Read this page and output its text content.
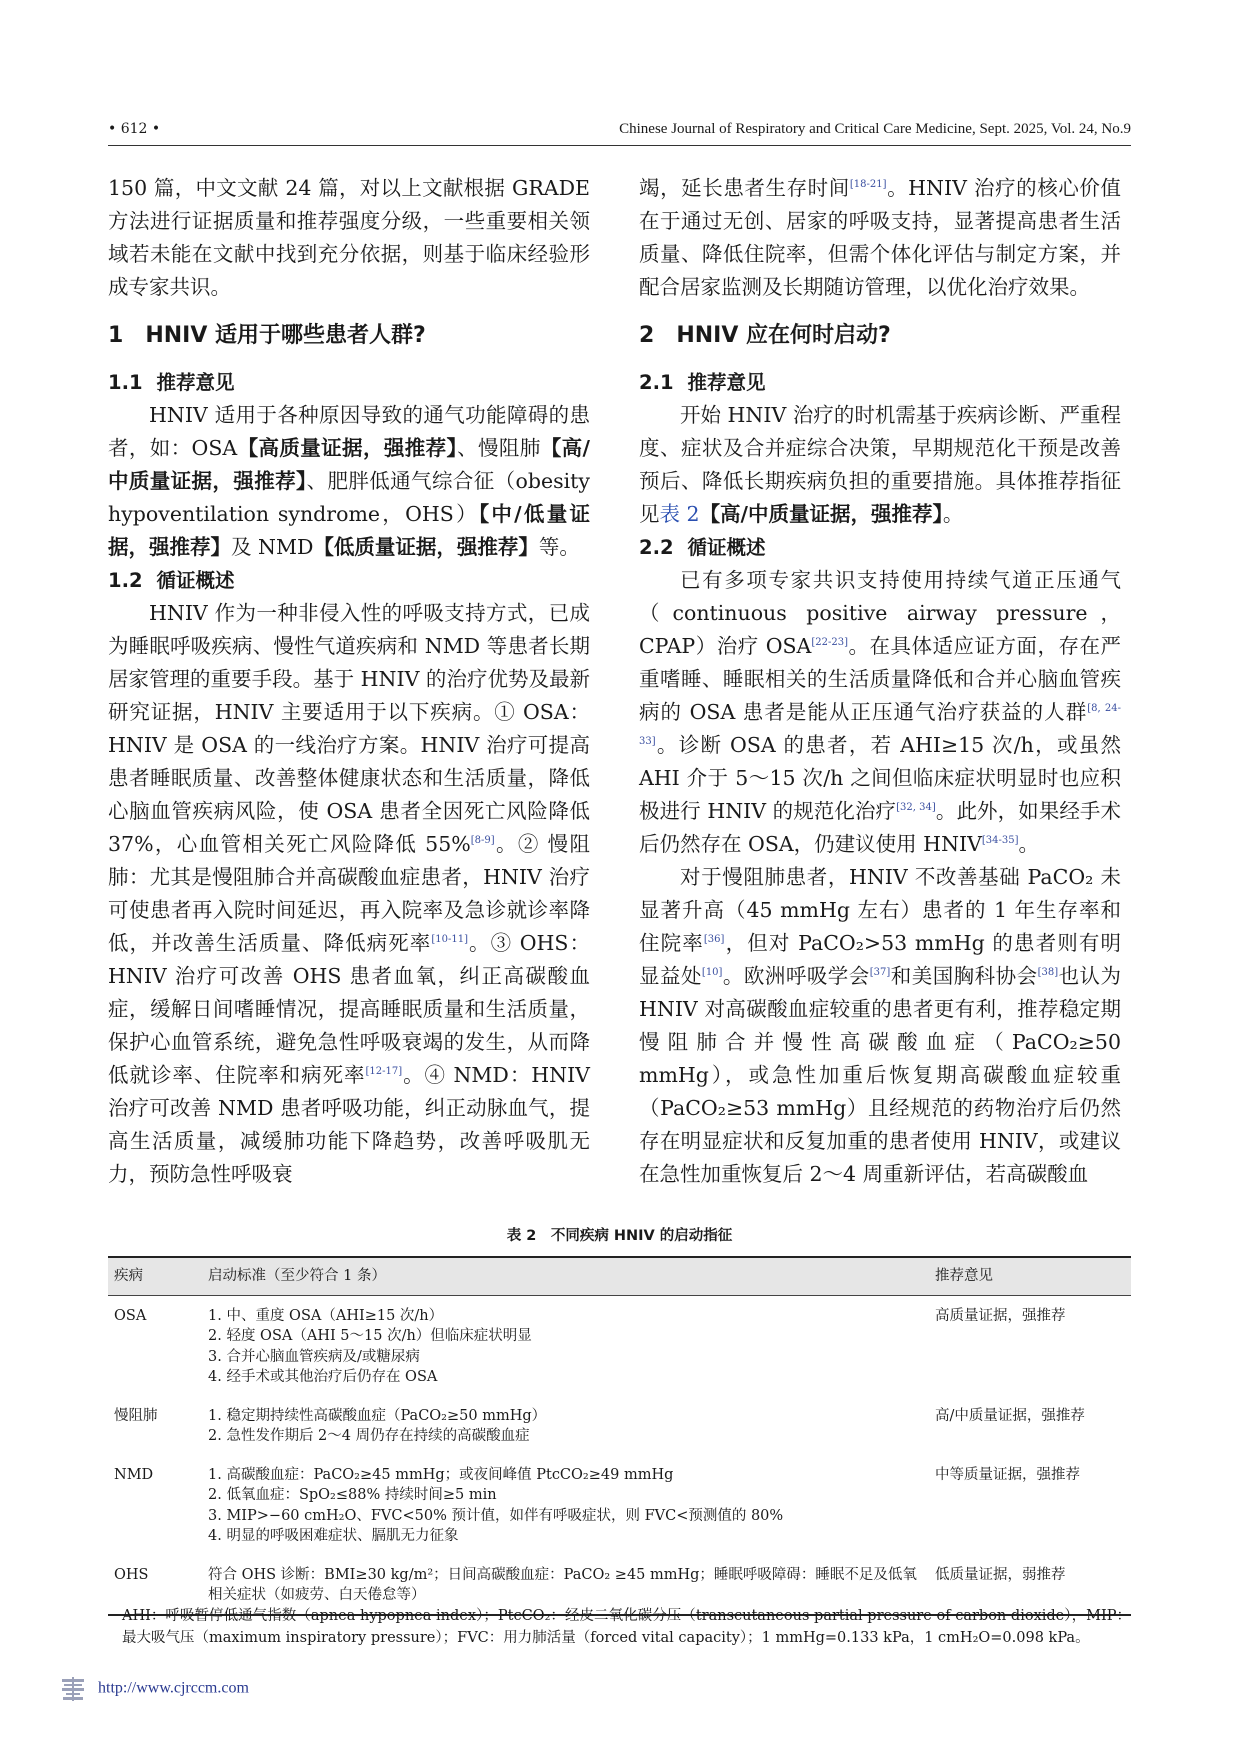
• 612 •	Chinese Journal of Respiratory and Critical Care Medicine, Sept. 2025, Vol. 24, No.9

150 篇，中文文献 24 篇，对以上文献根据 GRADE 方法进行证据质量和推荐强度分级，一些重要相关领域若未能在文献中找到充分依据，则基于临床经验形成专家共识。

1 HNIV 适用于哪些患者人群?
1.1 推荐意见

HNIV 适用于各种原因导致的通气功能障碍的患者，如：OSA【高质量证据，强推荐】、慢阻肺【高/中质量证据，强推荐】、肥胖低通气综合征（obesity hypoventilation syndrome，OHS）【中/低量证据，强推荐】及 NMD【低质量证据，强推荐】等。

1.2 循证概述

HNIV 作为一种非侵入性的呼吸支持方式，已成为睡眠呼吸疾病、慢性气道疾病和 NMD 等患者长期居家管理的重要手段。基于 HNIV 的治疗优势及最新研究证据，HNIV 主要适用于以下疾病。① OSA：HNIV 是 OSA 的一线治疗方案。HNIV 治疗可提高患者睡眠质量、改善整体健康状态和生活质量，降低心脑血管疾病风险，使 OSA 患者全因死亡风险降低 37%，心血管相关死亡风险降低 55%[8-9]。② 慢阻肺：尤其是慢阻肺合并高碳酸血症患者，HNIV 治疗可使患者再入院时间延迟，再入院率及急诊就诊率降低，并改善生活质量、降低病死率[10-11]。③ OHS：HNIV 治疗可改善 OHS 患者血氧，纠正高碳酸血症，缓解日间嗜睡情况，提高睡眠质量和生活质量，保护心血管系统，避免急性呼吸衰竭的发生，从而降低就诊率、住院率和病死率[12-17]。④ NMD：HNIV 治疗可改善 NMD 患者呼吸功能，纠正动脉血气，提高生活质量，减缓肺功能下降趋势，改善呼吸肌无力，预防急性呼吸衰

竭，延长患者生存时间[18-21]。HNIV 治疗的核心价值在于通过无创、居家的呼吸支持，显著提高患者生活质量、降低住院率，但需个体化评估与制定方案，并配合居家监测及长期随访管理，以优化治疗效果。

2 HNIV 应在何时启动?
2.1 推荐意见

开始 HNIV 治疗的时机需基于疾病诊断、严重程度、症状及合并症综合决策，早期规范化干预是改善预后、降低长期疾病负担的重要措施。具体推荐指征见表 2【高/中质量证据，强推荐】。

2.2 循证概述

已有多项专家共识支持使用持续气道正压通气（continuous positive airway pressure，CPAP）治疗 OSA[22-23]。在具体适应证方面，存在严重嗜睡、睡眠相关的生活质量降低和合并心脑血管疾病的 OSA 患者是能从正压通气治疗获益的人群[8, 24-33]。诊断 OSA 的患者，若 AHI≥15 次/h，或虽然 AHI 介于 5～15 次/h 之间但临床症状明显时也应积极进行 HNIV 的规范化治疗[32, 34]。此外，如果经手术后仍然存在 OSA，仍建议使用 HNIV[34-35]。

对于慢阻肺患者，HNIV 不改善基础 PaCO₂ 未显著升高（45 mmHg 左右）患者的 1 年生存率和住院率[36]，但对 PaCO₂>53 mmHg 的患者则有明显益处[10]。欧洲呼吸学会[37]和美国胸科协会[38]也认为 HNIV 对高碳酸血症较重的患者更有利，推荐稳定期慢阻肺合并慢性高碳酸血症（PaCO₂≥50 mmHg），或急性加重后恢复期高碳酸血症较重（PaCO₂≥53 mmHg）且经规范的药物治疗后仍然存在明显症状和反复加重的患者使用 HNIV，或建议在急性加重恢复后 2～4 周重新评估，若高碳酸血

表 2　不同疾病 HNIV 的启动指征
疾病	启动标准（至少符合 1 条）	推荐意见
OSA	1. 中、重度 OSA（AHI≥15 次/h）
2. 轻度 OSA（AHI 5～15 次/h）但临床症状明显
3. 合并心脑血管疾病及/或糖尿病
4. 经手术或其他治疗后仍存在 OSA	高质量证据，强推荐
慢阻肺	1. 稳定期持续性高碳酸血症（PaCO₂≥50 mmHg）
2. 急性发作期后 2～4 周仍存在持续的高碳酸血症	高/中质量证据，强推荐
NMD	1. 高碳酸血症：PaCO₂≥45 mmHg；或夜间峰值 PtcCO₂≥49 mmHg
2. 低氧血症：SpO₂≤88% 持续时间≥5 min
3. MIP>−60 cmH₂O、FVC<50% 预计值，如伴有呼吸症状，则 FVC<预测值的 80%
4. 明显的呼吸困难症状、膈肌无力征象	中等质量证据，强推荐
OHS	符合 OHS 诊断：BMI≥30 kg/m²；日间高碳酸血症：PaCO₂ ≥45 mmHg；睡眠呼吸障碍：睡眠不足及低氧相关症状（如疲劳、白天倦怠等）	低质量证据，弱推荐
AHI：呼吸暂停低通气指数（apnea hypopnea index）；PtcCO₂：经皮二氧化碳分压（transcutaneous partial pressure of carbon dioxide），MIP：最大吸气压（maximum inspiratory pressure）；FVC：用力肺活量（forced vital capacity）；1 mmHg=0.133 kPa，1 cmH₂O=0.098 kPa。
http://www.cjrccm.com
